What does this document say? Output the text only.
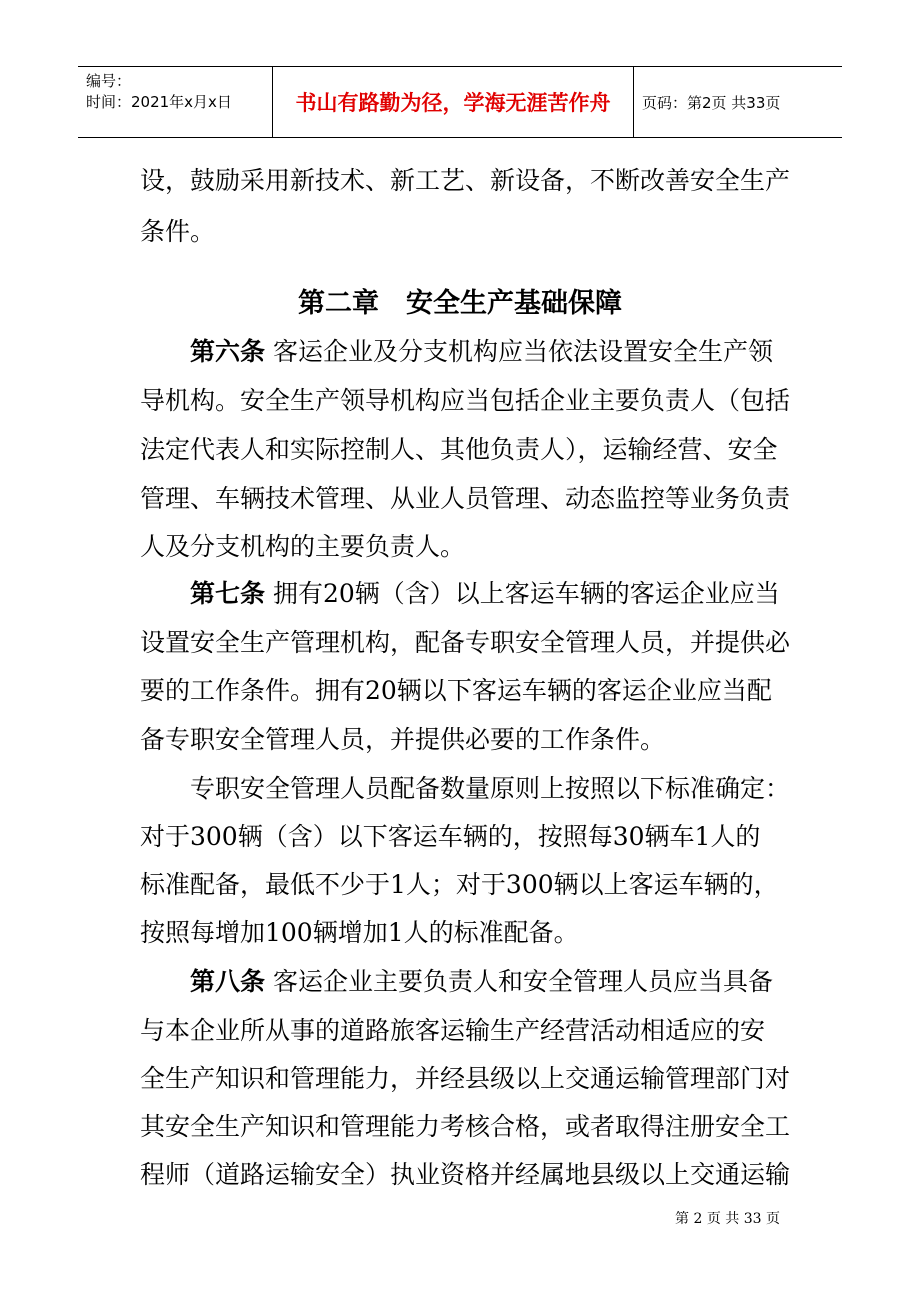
编号：
时间：2021年x月x日	书山有路勤为径，学海无涯苦作舟	页码：第2页 共33页
设，鼓励采用新技术、新工艺、新设备，不断改善安全生产
条件。
第二章　安全生产基础保障
第六条 客运企业及分支机构应当依法设置安全生产领
导机构。安全生产领导机构应当包括企业主要负责人（包括
法定代表人和实际控制人、其他负责人），运输经营、安全
管理、车辆技术管理、从业人员管理、动态监控等业务负责
人及分支机构的主要负责人。
第七条 拥有20辆（含）以上客运车辆的客运企业应当
设置安全生产管理机构，配备专职安全管理人员，并提供必
要的工作条件。拥有20辆以下客运车辆的客运企业应当配
备专职安全管理人员，并提供必要的工作条件。
专职安全管理人员配备数量原则上按照以下标准确定：
对于300辆（含）以下客运车辆的，按照每30辆车1人的
标准配备，最低不少于1人；对于300辆以上客运车辆的，
按照每增加100辆增加1人的标准配备。
第八条 客运企业主要负责人和安全管理人员应当具备
与本企业所从事的道路旅客运输生产经营活动相适应的安
全生产知识和管理能力，并经县级以上交通运输管理部门对
其安全生产知识和管理能力考核合格，或者取得注册安全工
程师（道路运输安全）执业资格并经属地县级以上交通运输
第 2 页 共 33 页
